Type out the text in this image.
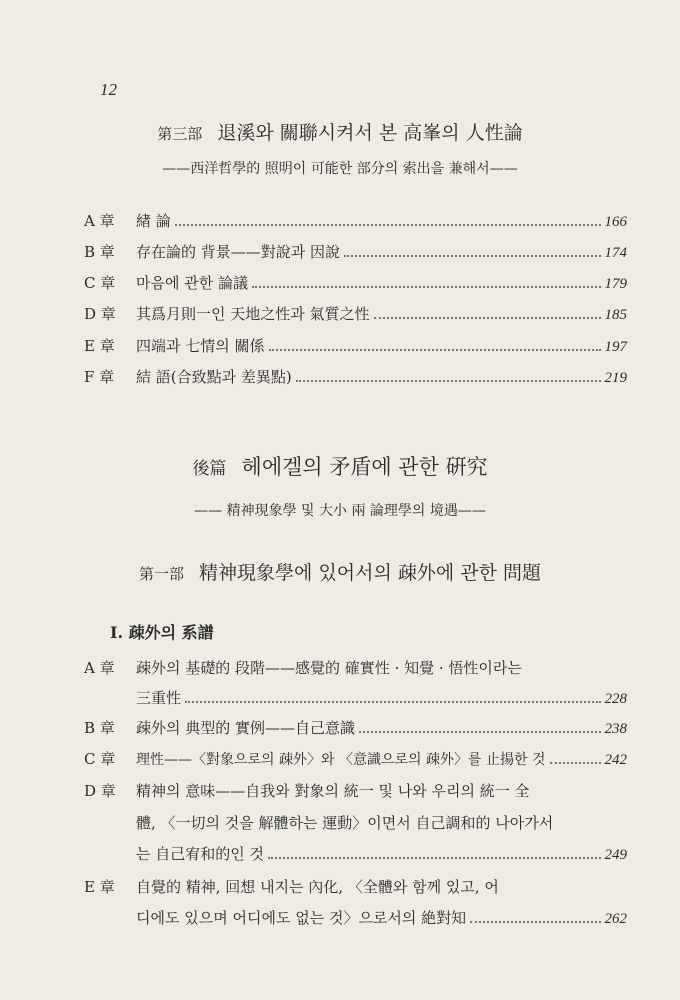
12
第三部 退溪와 關聯시켜서 본 高峯의 人性論
——西洋哲學的 照明이 可能한 部分의 索出을 兼해서——
A 章	緖 論	166
B 章	存在論的 背景——對說과 因說	174
C 章	마음에 관한 論議	179
D 章	其爲月則一인 天地之性과 氣質之性	185
E 章	四端과 七情의 關係	197
F 章	結 語(合致點과 差異點)	219
後篇 헤에겔의 矛盾에 관한 硏究
—— 精神現象學 및 大小 兩 論理學의 境遇——
第一部 精神現象學에 있어서의 疎外에 관한 問題
Ⅰ. 疎外의 系譜
A 章	疎外의 基礎的 段階——感覺的 確實性 · 知覺 · 悟性이라는
三重性	228
B 章	疎外의 典型的 實例——自己意識	238
C 章	理性——〈對象으로의 疎外〉와 〈意識으로의 疎外〉를 止揚한 것	242
D 章	精神의 意味——自我와 對象의 統一 및 나와 우리의 統一 全
體, 〈一切의 것을 解體하는 運動〉이면서 自己調和的 나아가서
는 自己宥和的인 것	249
E 章	自覺的 精神, 回想 내지는 內化, 〈全體와 함께 있고, 어
디에도 있으며 어디에도 없는 것〉으로서의 絶對知	262
